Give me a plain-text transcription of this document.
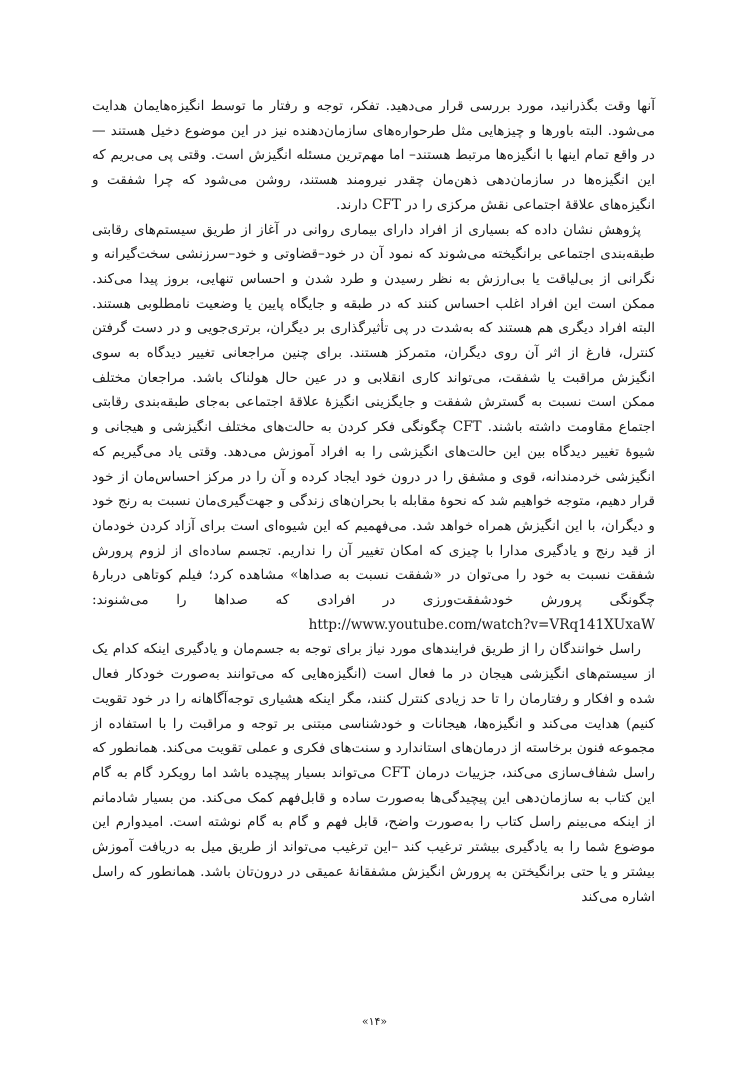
آنها وقت بگذرانید، مورد بررسی قرار می‌دهید. تفکر، توجه و رفتار ما توسط انگیزه‌هایمان هدایت می‌شود. البته باورها و چیزهایی مثل طرحواره‌های سازمان‌دهنده نیز در این موضوع دخیل هستند — در واقع تمام اینها با انگیزه‌ها مرتبط هستند– اما مهم‌ترین مسئله انگیزش است. وقتی پی می‌بریم که این انگیزه‌ها در سازمان‌دهی ذهن‌مان چقدر نیرومند هستند، روشن می‌شود که چرا شفقت و انگیزه‌های علاقهٔ اجتماعی نقش مرکزی را در CFT دارند.

پژوهش نشان داده که بسیاری از افراد دارای بیماری روانی در آغاز از طریق سیستم‌های رقابتی طبقه‌بندی اجتماعی برانگیخته می‌شوند که نمود آن در خود–قضاوتی و خود–سرزنشی سخت‌گیرانه و نگرانی از بی‌لیاقت یا بی‌ارزش به نظر رسیدن و طرد شدن و احساس تنهایی، بروز پیدا می‌کند. ممکن است این افراد اغلب احساس کنند که در طبقه و جایگاه پایین یا وضعیت نامطلوبی هستند. البته افراد دیگری هم هستند که به‌شدت در پی تأثیرگذاری بر دیگران، برتری‌جویی و در دست گرفتن کنترل، فارغ از اثر آن روی دیگران، متمرکز هستند. برای چنین مراجعانی تغییر دیدگاه به سوی انگیزش مراقبت یا شفقت، می‌تواند کاری انقلابی و در عین حال هولناک باشد. مراجعان مختلف ممکن است نسبت به گسترش شفقت و جایگزینی انگیزهٔ علاقهٔ اجتماعی به‌جای طبقه‌بندی رقابتی اجتماع مقاومت داشته باشند. CFT چگونگی فکر کردن به حالت‌های مختلف انگیزشی و هیجانی و شیوهٔ تغییر دیدگاه بین این حالت‌های انگیزشی را به افراد آموزش می‌دهد. وقتی یاد می‌گیریم که انگیزشی خردمندانه، قوی و مشفق را در درون خود ایجاد کرده و آن را در مرکز احساس‌مان از خود قرار دهیم، متوجه خواهیم شد که نحوهٔ مقابله با بحران‌های زندگی و جهت‌گیری‌مان نسبت به رنج خود و دیگران، با این انگیزش همراه خواهد شد. می‌فهمیم که این شیوه‌ای است برای آزاد کردن خودمان از قید رنج و یادگیری مدارا با چیزی که امکان تغییر آن را نداریم. تجسم ساده‌ای از لزوم پرورش شفقت نسبت به خود را می‌توان در «شفقت نسبت به صداها» مشاهده کرد؛ فیلم کوتاهی دربارهٔ چگونگی پرورش خودشفقت‌ورزی در افرادی که صداها را می‌شنوند: http://www.youtube.com/watch?v=VRq141XUxaW

راسل خوانندگان را از طریق فرایندهای مورد نیاز برای توجه به جسم‌مان و یادگیری اینکه کدام یک از سیستم‌های انگیزشی هیجان در ما فعال است (انگیزه‌هایی که می‌توانند به‌صورت خودکار فعال شده و افکار و رفتارمان را تا حد زیادی کنترل کنند، مگر اینکه هشیاری توجه‌آگاهانه را در خود تقویت کنیم) هدایت می‌کند و انگیزه‌ها، هیجانات و خودشناسی مبتنی بر توجه و مراقبت را با استفاده از مجموعه فنون برخاسته از درمان‌های استاندارد و سنت‌های فکری و عملی تقویت می‌کند. همانطور که راسل شفاف‌سازی می‌کند، جزییات درمان CFT می‌تواند بسیار پیچیده باشد اما رویکرد گام به گام این کتاب به سازمان‌دهی این پیچیدگی‌ها به‌صورت ساده و قابل‌فهم کمک می‌کند. من بسیار شادمانم از اینکه می‌بینم راسل کتاب را به‌صورت واضح، قابل فهم و گام به گام نوشته است. امیدوارم این موضوع شما را به یادگیری بیشتر ترغیب کند –این ترغیب می‌تواند از طریق میل به دریافت آموزش بیشتر و یا حتی برانگیختن به پرورش انگیزش مشفقانهٔ عمیقی در درون‌تان باشد. همانطور که راسل اشاره می‌کند

«۱۴»
